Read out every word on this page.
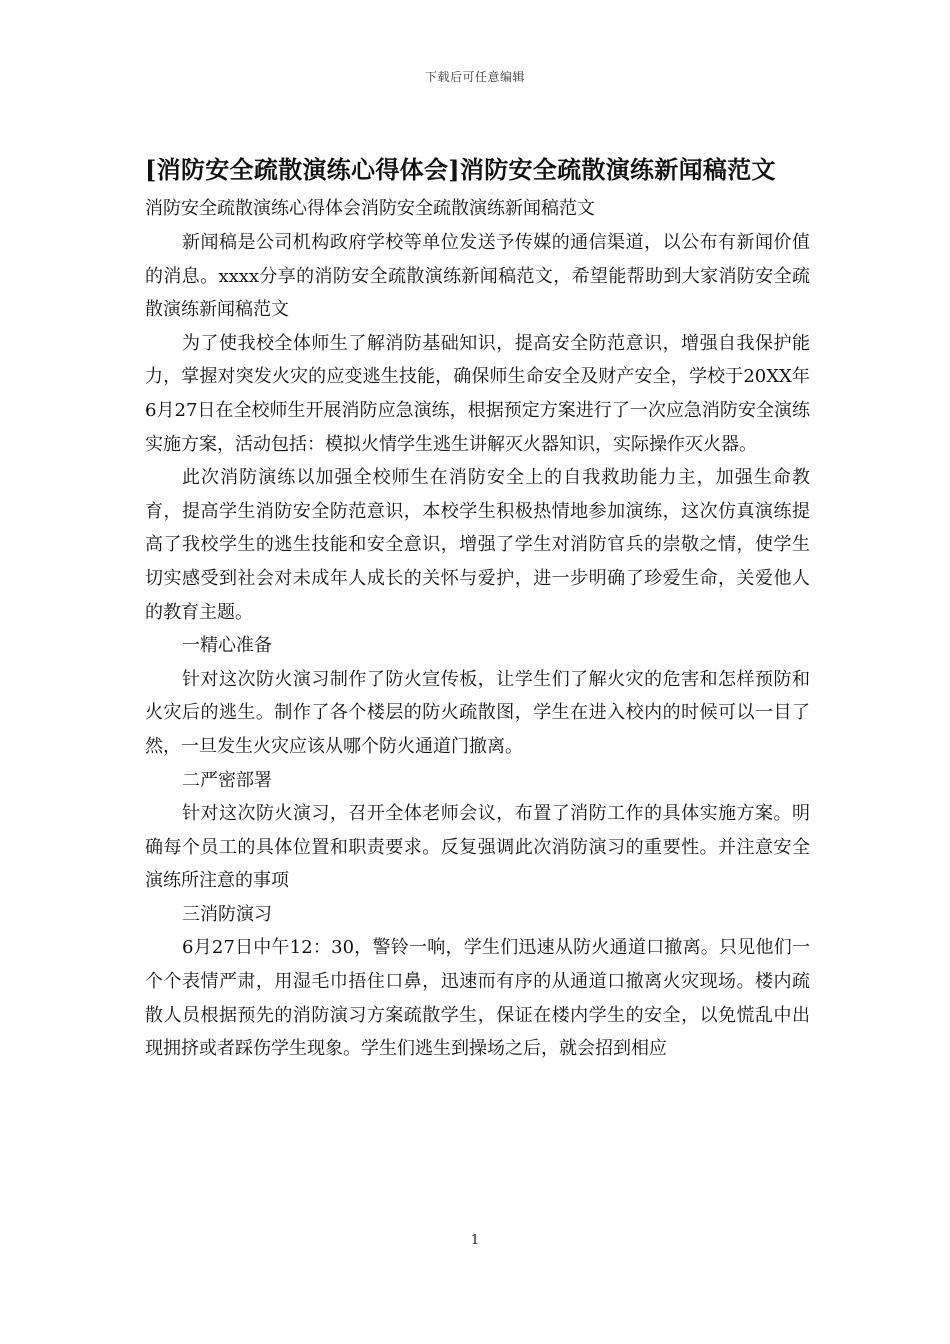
下载后可任意编辑
[消防安全疏散演练心得体会]消防安全疏散演练新闻稿范文

消防安全疏散演练心得体会消防安全疏散演练新闻稿范文

新闻稿是公司机构政府学校等单位发送予传媒的通信渠道，以公布有新闻价值的消息。xxxx分享的消防安全疏散演练新闻稿范文，希望能帮助到大家消防安全疏散演练新闻稿范文

为了使我校全体师生了解消防基础知识，提高安全防范意识，增强自我保护能力，掌握对突发火灾的应变逃生技能，确保师生命安全及财产安全，学校于20XX年6月27日在全校师生开展消防应急演练，根据预定方案进行了一次应急消防安全演练实施方案，活动包括：模拟火情学生逃生讲解灭火器知识，实际操作灭火器。

此次消防演练以加强全校师生在消防安全上的自我救助能力主，加强生命教育，提高学生消防安全防范意识，本校学生积极热情地参加演练，这次仿真演练提高了我校学生的逃生技能和安全意识，增强了学生对消防官兵的崇敬之情，使学生切实感受到社会对未成年人成长的关怀与爱护，进一步明确了珍爱生命，关爱他人的教育主题。

一精心准备

针对这次防火演习制作了防火宣传板，让学生们了解火灾的危害和怎样预防和火灾后的逃生。制作了各个楼层的防火疏散图，学生在进入校内的时候可以一目了然，一旦发生火灾应该从哪个防火通道门撤离。

二严密部署

针对这次防火演习，召开全体老师会议，布置了消防工作的具体实施方案。明确每个员工的具体位置和职责要求。反复强调此次消防演习的重要性。并注意安全演练所注意的事项

三消防演习

6月27日中午12：30，警铃一响，学生们迅速从防火通道口撤离。只见他们一个个表情严肃，用湿毛巾捂住口鼻，迅速而有序的从通道口撤离火灾现场。楼内疏散人员根据预先的消防演习方案疏散学生，保证在楼内学生的安全，以免慌乱中出现拥挤或者踩伤学生现象。学生们逃生到操场之后，就会招到相应

1
